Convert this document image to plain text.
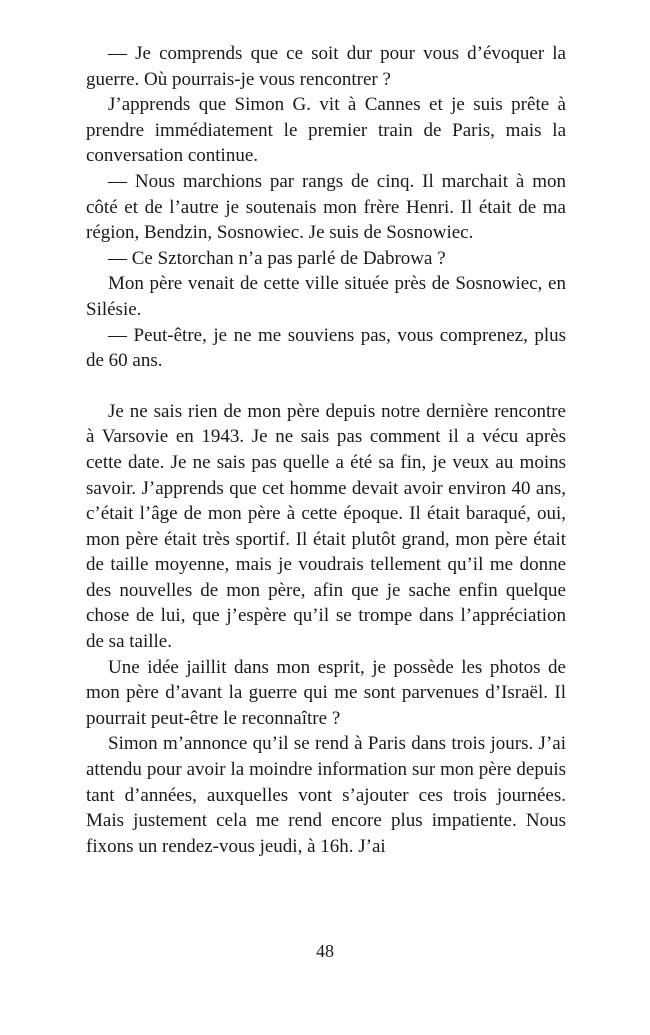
— Je comprends que ce soit dur pour vous d’évoquer la guerre. Où pourrais-je vous rencontrer ?

J’apprends que Simon G. vit à Cannes et je suis prête à prendre immédiatement le premier train de Paris, mais la conversation continue.

— Nous marchions par rangs de cinq. Il marchait à mon côté et de l’autre je soutenais mon frère Henri. Il était de ma région, Bendzin, Sosnowiec. Je suis de Sosnowiec.

— Ce Sztorchan n’a pas parlé de Dabrowa ?

Mon père venait de cette ville située près de Sosnowiec, en Silésie.

— Peut-être, je ne me souviens pas, vous comprenez, plus de 60 ans.

Je ne sais rien de mon père depuis notre dernière rencontre à Varsovie en 1943. Je ne sais pas comment il a vécu après cette date. Je ne sais pas quelle a été sa fin, je veux au moins savoir. J’apprends que cet homme devait avoir environ 40 ans, c’était l’âge de mon père à cette époque. Il était baraqué, oui, mon père était très sportif. Il était plutôt grand, mon père était de taille moyenne, mais je voudrais tellement qu’il me donne des nouvelles de mon père, afin que je sache enfin quelque chose de lui, que j’espère qu’il se trompe dans l’appréciation de sa taille.

Une idée jaillit dans mon esprit, je possède les photos de mon père d’avant la guerre qui me sont parvenues d’Israël. Il pourrait peut-être le reconnaître ?

Simon m’annonce qu’il se rend à Paris dans trois jours. J’ai attendu pour avoir la moindre information sur mon père depuis tant d’années, auxquelles vont s’ajouter ces trois journées. Mais justement cela me rend encore plus impatiente. Nous fixons un rendez-vous jeudi, à 16h. J’ai

48
